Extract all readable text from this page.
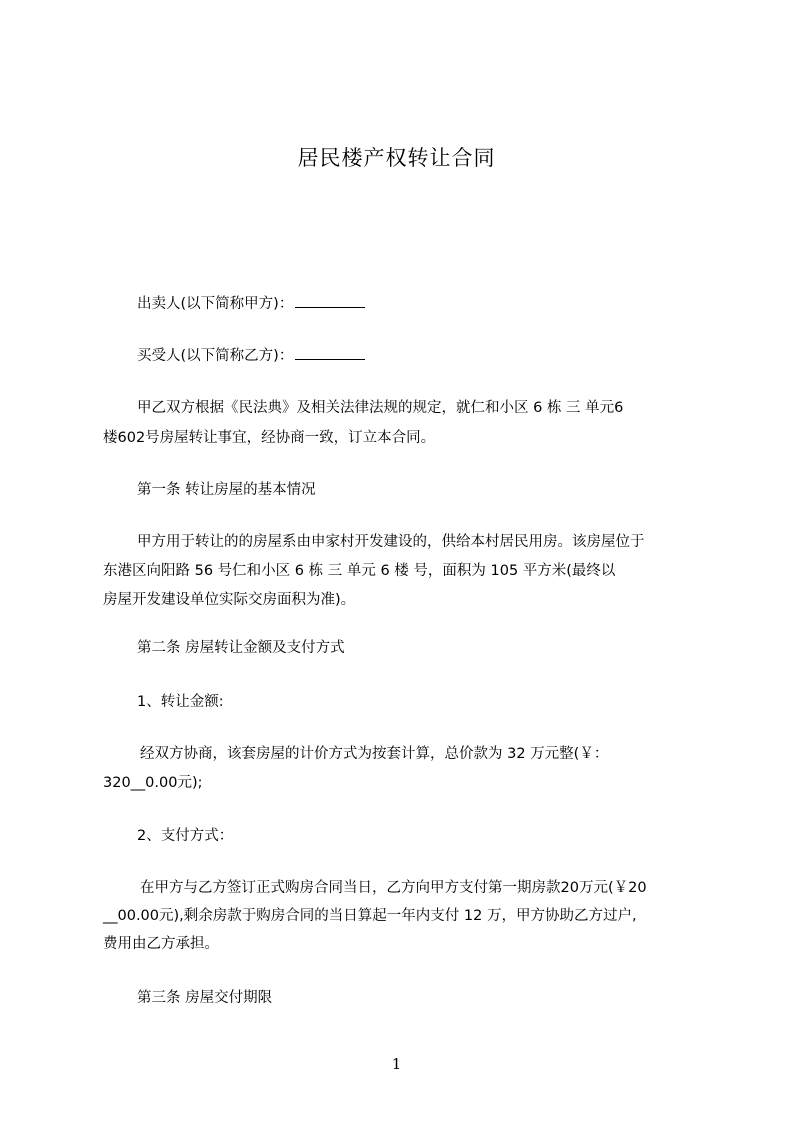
居民楼产权转让合同
出卖人(以下简称甲方)：
买受人(以下简称乙方)：
甲乙双方根据《民法典》及相关法律法规的规定，就仁和小区 6 栋 三 单元6
楼602号房屋转让事宜，经协商一致，订立本合同。
第一条 转让房屋的基本情况
甲方用于转让的的房屋系由申家村开发建设的，供给本村居民用房。该房屋位于
东港区向阳路 56 号仁和小区 6 栋 三 单元 6 楼 号，面积为 105 平方米(最终以
房屋开发建设单位实际交房面积为准)。
第二条 房屋转让金额及支付方式
1、转让金额:
经双方协商，该套房屋的计价方式为按套计算，总价款为 32 万元整(￥：
320__0.00元);
2、支付方式：
在甲方与乙方签订正式购房合同当日，乙方向甲方支付第一期房款20万元(￥20
__00.00元),剩余房款于购房合同的当日算起一年内支付 12 万，甲方协助乙方过户,
费用由乙方承担。
第三条 房屋交付期限
1
